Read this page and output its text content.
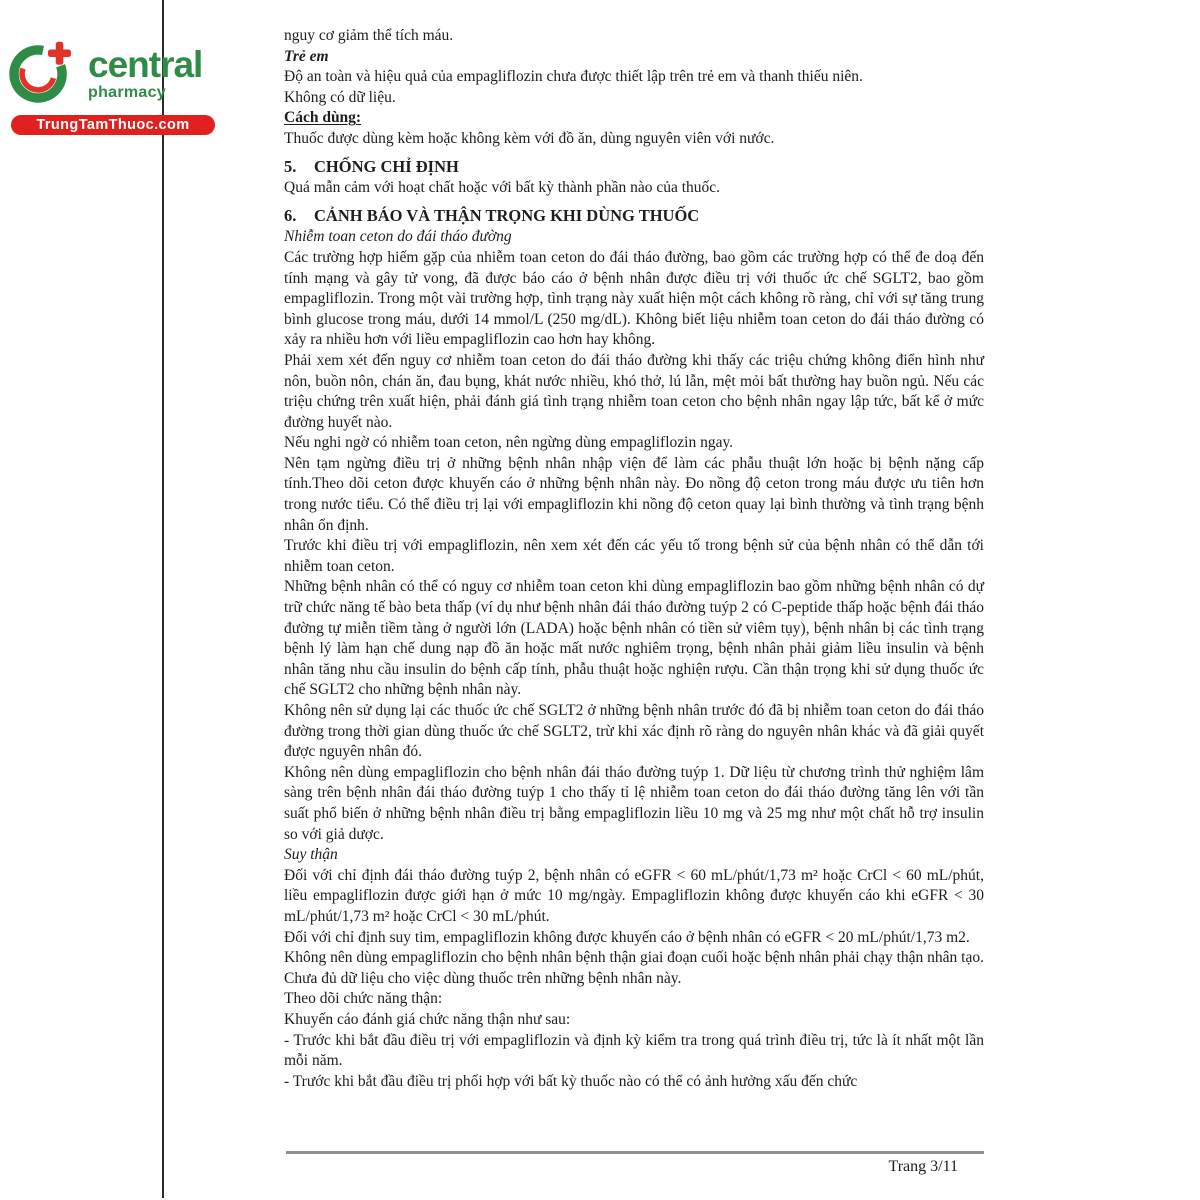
central
pharmacy
TrungTamThuoc.com

nguy cơ giảm thể tích máu.

Trẻ em

Độ an toàn và hiệu quả của empagliflozin chưa được thiết lập trên trẻ em và thanh thiếu niên.

Không có dữ liệu.

Cách dùng:

Thuốc được dùng kèm hoặc không kèm với đồ ăn, dùng nguyên viên với nước.

5. CHỐNG CHỈ ĐỊNH

Quá mẫn cảm với hoạt chất hoặc với bất kỳ thành phần nào của thuốc.

6. CẢNH BÁO VÀ THẬN TRỌNG KHI DÙNG THUỐC

Nhiễm toan ceton do đái tháo đường

Các trường hợp hiếm gặp của nhiễm toan ceton do đái tháo đường, bao gồm các trường hợp có thể đe doạ đến tính mạng và gây tử vong, đã được báo cáo ở bệnh nhân được điều trị với thuốc ức chế SGLT2, bao gồm empagliflozin. Trong một vài trường hợp, tình trạng này xuất hiện một cách không rõ ràng, chỉ với sự tăng trung bình glucose trong máu, dưới 14 mmol/L (250 mg/dL). Không biết liệu nhiễm toan ceton do đái tháo đường có xảy ra nhiều hơn với liều empagliflozin cao hơn hay không.

Phải xem xét đến nguy cơ nhiễm toan ceton do đái tháo đường khi thấy các triệu chứng không điển hình như nôn, buồn nôn, chán ăn, đau bụng, khát nước nhiều, khó thở, lú lẫn, mệt mỏi bất thường hay buồn ngủ. Nếu các triệu chứng trên xuất hiện, phải đánh giá tình trạng nhiễm toan ceton cho bệnh nhân ngay lập tức, bất kể ở mức đường huyết nào.

Nếu nghi ngờ có nhiễm toan ceton, nên ngừng dùng empagliflozin ngay.

Nên tạm ngừng điều trị ở những bệnh nhân nhập viện để làm các phẫu thuật lớn hoặc bị bệnh nặng cấp tính.Theo dõi ceton được khuyến cáo ở những bệnh nhân này. Đo nồng độ ceton trong máu được ưu tiên hơn trong nước tiểu. Có thể điều trị lại với empagliflozin khi nồng độ ceton quay lại bình thường và tình trạng bệnh nhân ổn định.

Trước khi điều trị với empagliflozin, nên xem xét đến các yếu tố trong bệnh sử của bệnh nhân có thể dẫn tới nhiễm toan ceton.

Những bệnh nhân có thể có nguy cơ nhiễm toan ceton khi dùng empagliflozin bao gồm những bệnh nhân có dự trữ chức năng tế bào beta thấp (ví dụ như bệnh nhân đái tháo đường tuýp 2 có C-peptide thấp hoặc bệnh đái tháo đường tự miễn tiềm tàng ở người lớn (LADA) hoặc bệnh nhân có tiền sử viêm tụy), bệnh nhân bị các tình trạng bệnh lý làm hạn chế dung nạp đồ ăn hoặc mất nước nghiêm trọng, bệnh nhân phải giảm liều insulin và bệnh nhân tăng nhu cầu insulin do bệnh cấp tính, phẫu thuật hoặc nghiện rượu. Cần thận trọng khi sử dụng thuốc ức chế SGLT2 cho những bệnh nhân này.

Không nên sử dụng lại các thuốc ức chế SGLT2 ở những bệnh nhân trước đó đã bị nhiễm toan ceton do đái tháo đường trong thời gian dùng thuốc ức chế SGLT2, trừ khi xác định rõ ràng do nguyên nhân khác và đã giải quyết được nguyên nhân đó.

Không nên dùng empagliflozin cho bệnh nhân đái tháo đường tuýp 1. Dữ liệu từ chương trình thử nghiệm lâm sàng trên bệnh nhân đái tháo đường tuýp 1 cho thấy tỉ lệ nhiễm toan ceton do đái tháo đường tăng lên với tần suất phổ biến ở những bệnh nhân điều trị bằng empagliflozin liều 10 mg và 25 mg như một chất hỗ trợ insulin so với giả dược.

Suy thận

Đối với chỉ định đái tháo đường tuýp 2, bệnh nhân có eGFR < 60 mL/phút/1,73 m² hoặc CrCl < 60 mL/phút, liều empagliflozin được giới hạn ở mức 10 mg/ngày. Empagliflozin không được khuyến cáo khi eGFR < 30 mL/phút/1,73 m² hoặc CrCl < 30 mL/phút.

Đối với chỉ định suy tim, empagliflozin không được khuyến cáo ở bệnh nhân có eGFR < 20 mL/phút/1,73 m2.

Không nên dùng empagliflozin cho bệnh nhân bệnh thận giai đoạn cuối hoặc bệnh nhân phải chạy thận nhân tạo. Chưa đủ dữ liệu cho việc dùng thuốc trên những bệnh nhân này.

Theo dõi chức năng thận:

Khuyến cáo đánh giá chức năng thận như sau:

- Trước khi bắt đầu điều trị với empagliflozin và định kỳ kiểm tra trong quá trình điều trị, tức là ít nhất một lần mỗi năm.

- Trước khi bắt đầu điều trị phối hợp với bất kỳ thuốc nào có thể có ảnh hưởng xấu đến chức

Trang 3/11
